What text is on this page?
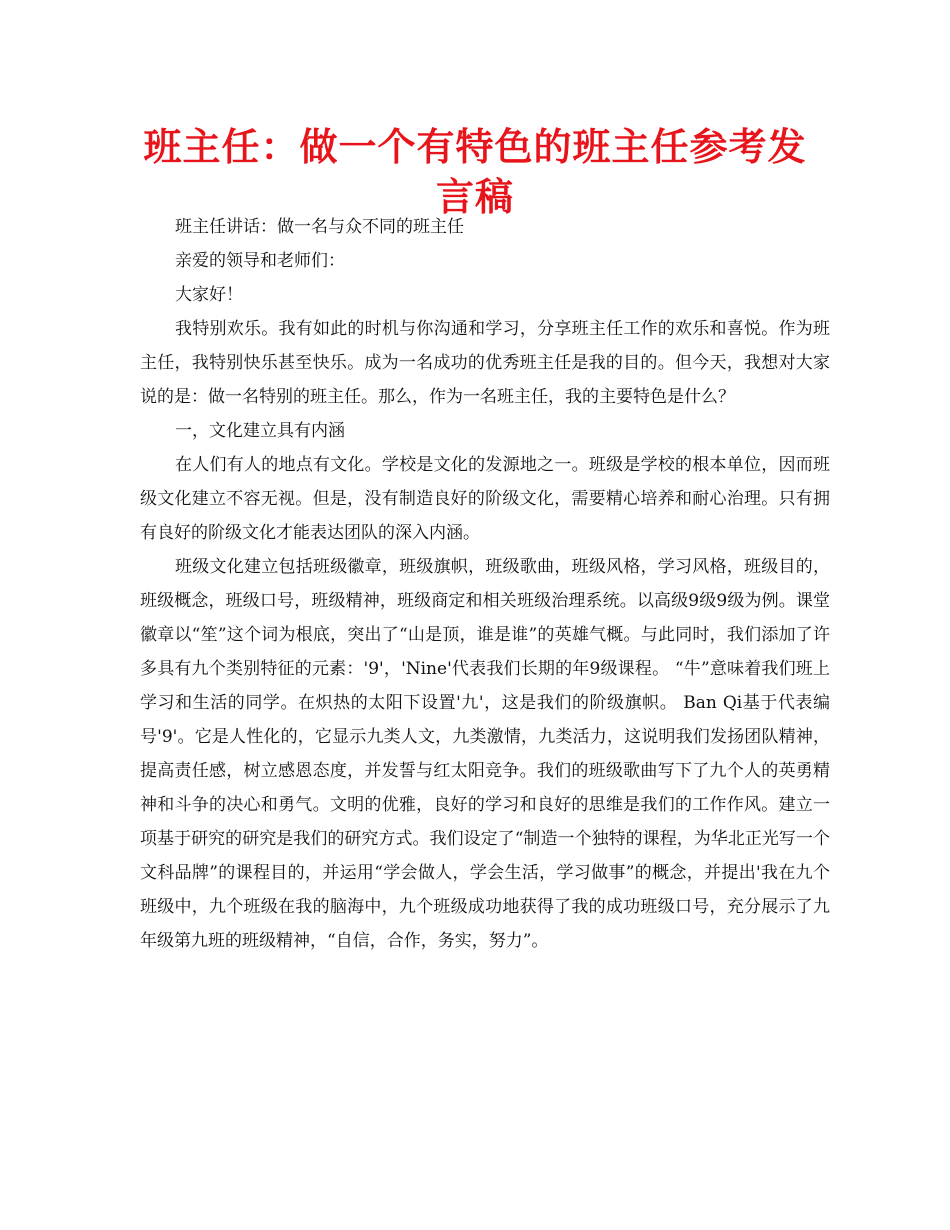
班主任：做一个有特色的班主任参考发言稿

班主任讲话：做一名与众不同的班主任

亲爱的领导和老师们：

大家好！

我特别欢乐。我有如此的时机与你沟通和学习，分享班主任工作的欢乐和喜悦。作为班主任，我特别快乐甚至快乐。成为一名成功的优秀班主任是我的目的。但今天，我想对大家说的是：做一名特别的班主任。那么，作为一名班主任，我的主要特色是什么？

一，文化建立具有内涵

在人们有人的地点有文化。学校是文化的发源地之一。班级是学校的根本单位，因而班级文化建立不容无视。但是，没有制造良好的阶级文化，需要精心培养和耐心治理。只有拥有良好的阶级文化才能表达团队的深入内涵。

班级文化建立包括班级徽章，班级旗帜，班级歌曲，班级风格，学习风格，班级目的，班级概念，班级口号，班级精神，班级商定和相关班级治理系统。以高级9级9级为例。课堂徽章以“笙”这个词为根底，突出了“山是顶，谁是谁”的英雄气概。与此同时，我们添加了许多具有九个类别特征的元素：'9'，'Nine'代表我们长期的年9级课程。 “牛”意味着我们班上学习和生活的同学。在炽热的太阳下设置'九'，这是我们的阶级旗帜。 Ban Qi基于代表编号'9'。它是人性化的，它显示九类人文，九类激情，九类活力，这说明我们发扬团队精神，提高责任感，树立感恩态度，并发誓与红太阳竞争。我们的班级歌曲写下了九个人的英勇精神和斗争的决心和勇气。文明的优雅，良好的学习和良好的思维是我们的工作作风。建立一项基于研究的研究是我们的研究方式。我们设定了“制造一个独特的课程，为华北正光写一个文科品牌”的课程目的，并运用“学会做人，学会生活，学习做事”的概念，并提出'我在九个班级中，九个班级在我的脑海中，九个班级成功地获得了我的成功班级口号，充分展示了九年级第九班的班级精神，“自信，合作，务实，努力”。
